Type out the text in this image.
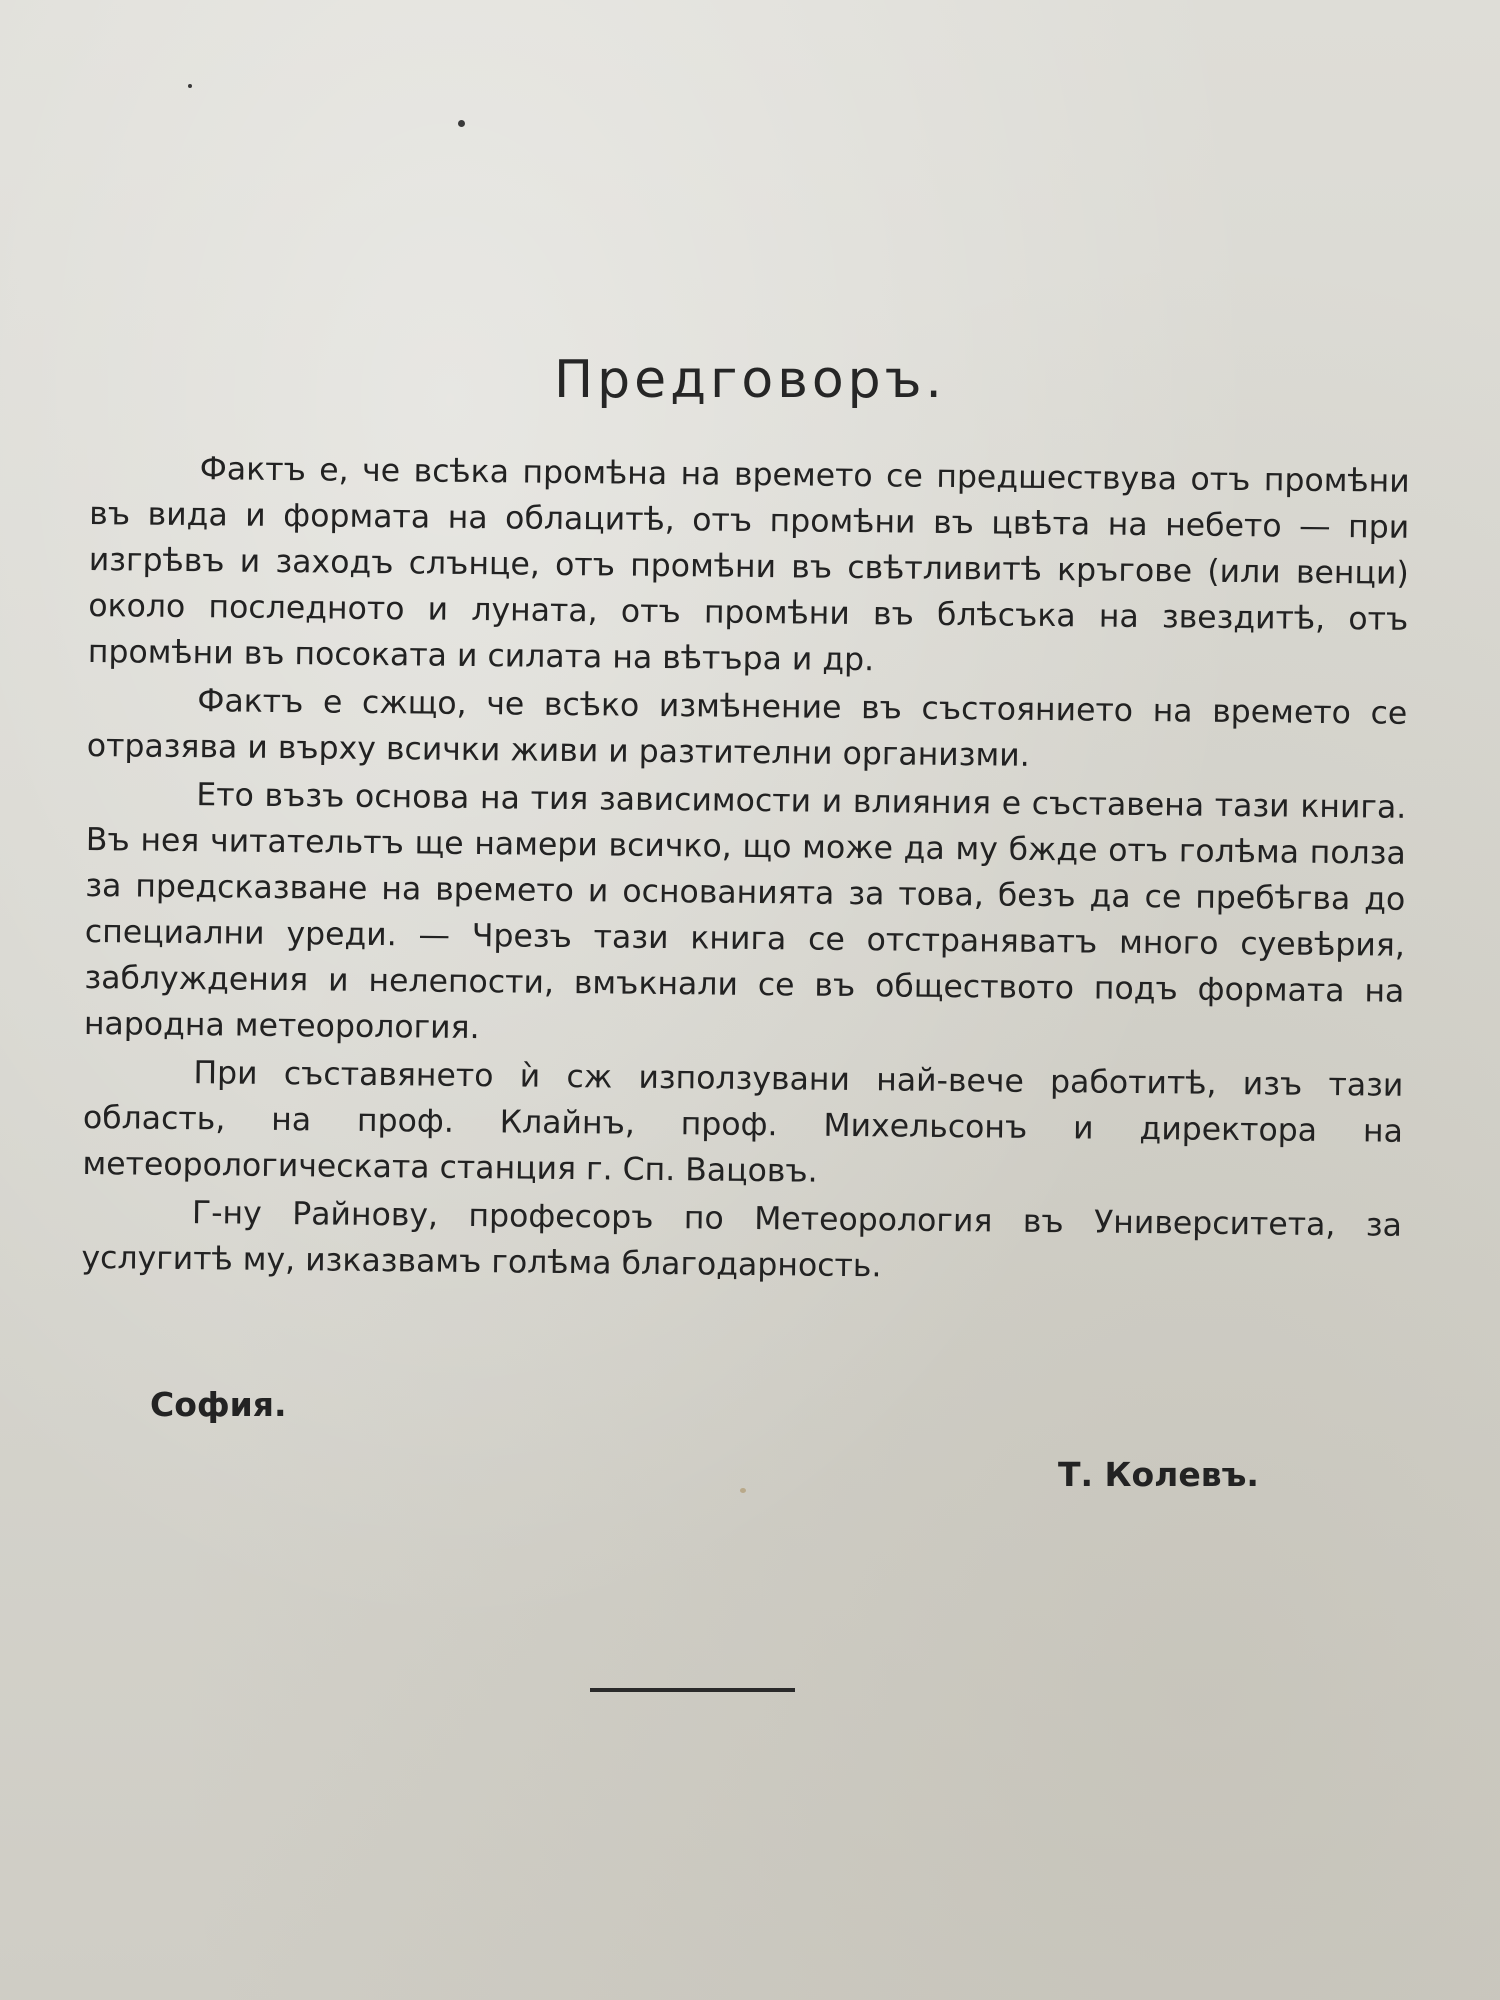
Предговоръ.

Фактъ е, че всѣка промѣна на времето се предшествува отъ промѣни въ вида и формата на облацитѣ, отъ промѣни въ цвѣта на небето — при изгрѣвъ и заходъ слънце, отъ промѣни въ свѣтливитѣ кръгове (или венци) около последното и луната, отъ промѣни въ блѣсъка на звездитѣ, отъ промѣни въ посоката и силата на вѣтъра и др.

Фактъ е сжщо, че всѣко измѣнение въ състоянието на времето се отразява и върху всички живи и разтителни организми.

Ето възъ основа на тия зависимости и влияния е съставена тази книга. Въ нея читательтъ ще намери всичко, що може да му бжде отъ голѣма полза за предсказване на времето и основанията за това, безъ да се пребѣгва до специални уреди. — Чрезъ тази книга се отстраняватъ много суевѣрия, заблуждения и нелепости, вмъкнали се въ обществото подъ формата на народна метеорология.

При съставянето ѝ сж използувани най-вече работитѣ, изъ тази область, на проф. Клайнъ, проф. Михельсонъ и директора на метеорологическата станция г. Сп. Вацовъ.

Г-ну Райнову, професоръ по Метеорология въ Университета, за услугитѣ му, изказвамъ голѣма благодарность.

София.
Т. Колевъ.
